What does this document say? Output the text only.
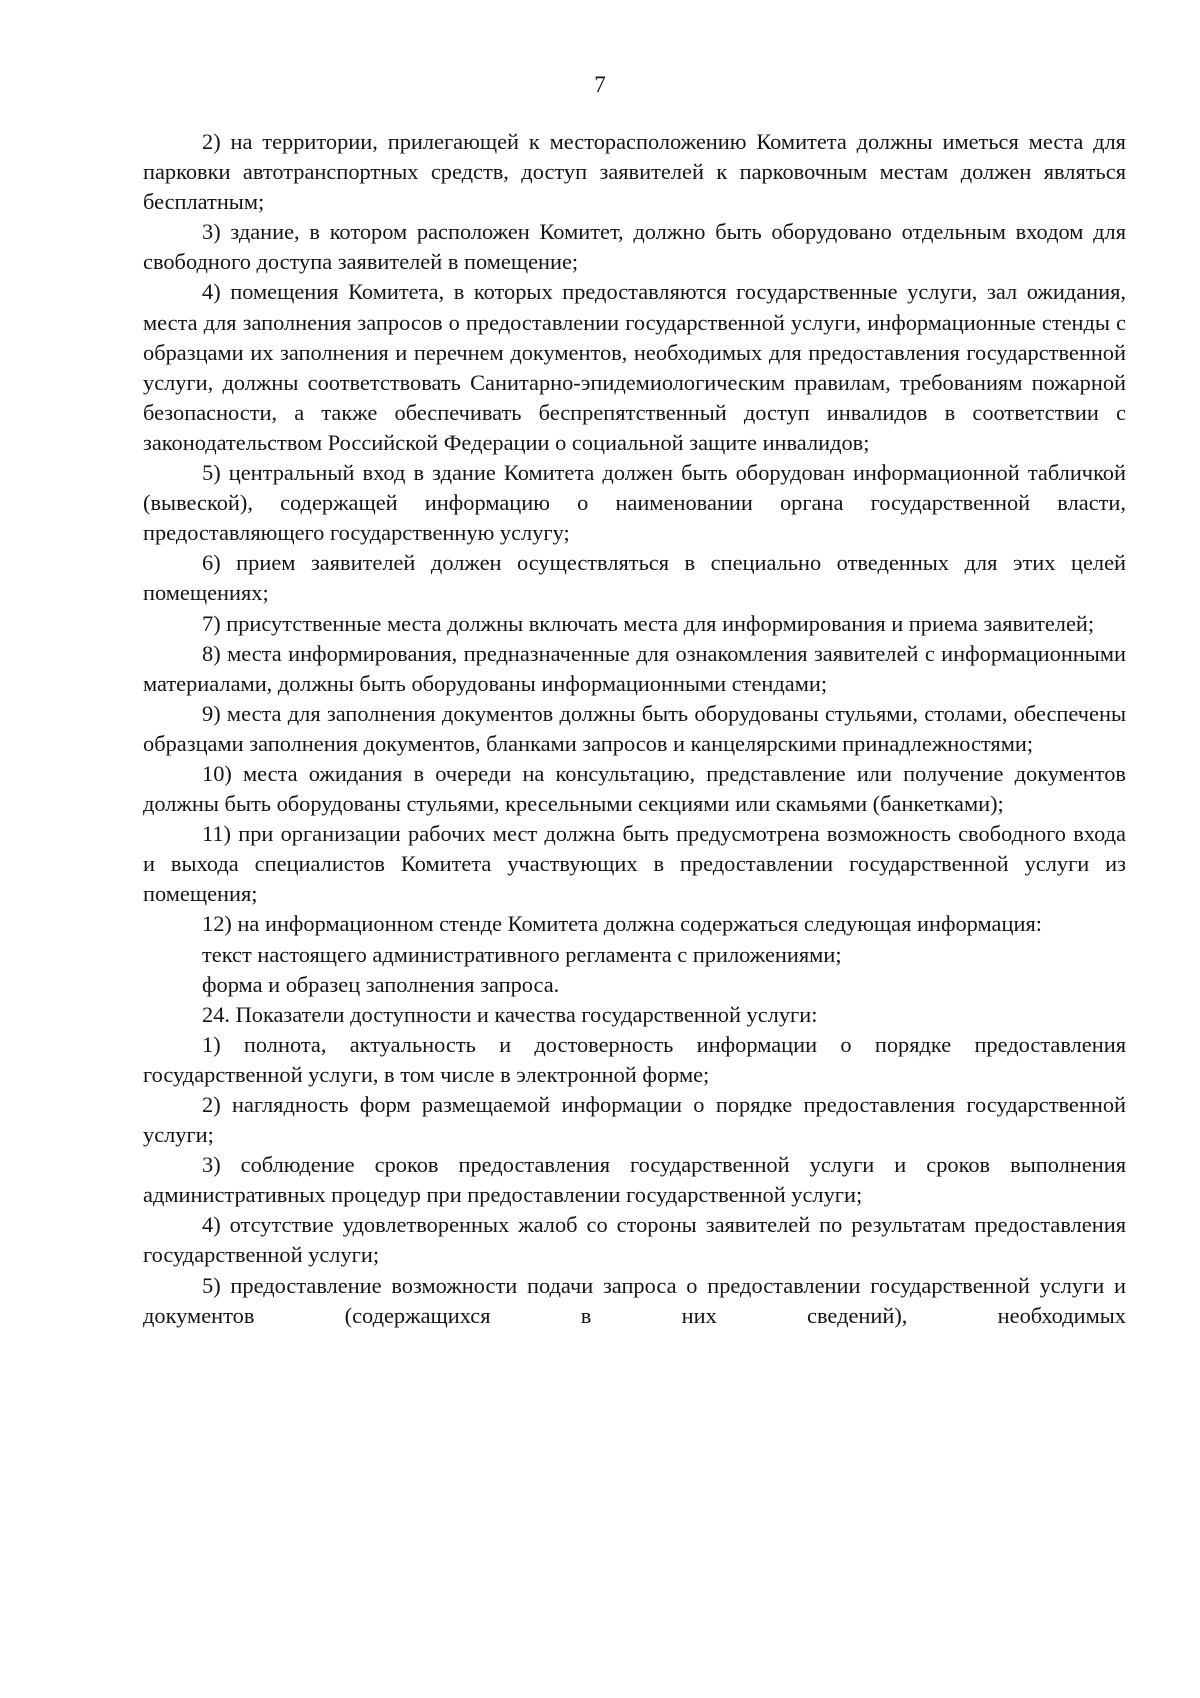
7

2) на территории, прилегающей к месторасположению Комитета должны иметься места для парковки автотранспортных средств, доступ заявителей к парковочным местам должен являться бесплатным;

3) здание, в котором расположен Комитет, должно быть оборудовано отдельным входом для свободного доступа заявителей в помещение;

4) помещения Комитета, в которых предоставляются государственные услуги, зал ожидания, места для заполнения запросов о предоставлении государственной услуги, информационные стенды с образцами их заполнения и перечнем документов, необходимых для предоставления государственной услуги, должны соответствовать Санитарно-эпидемиологическим правилам, требованиям пожарной безопасности, а также обеспечивать беспрепятственный доступ инвалидов в соответствии с законодательством Российской Федерации о социальной защите инвалидов;

5) центральный вход в здание Комитета должен быть оборудован информационной табличкой (вывеской), содержащей информацию о наименовании органа государственной власти, предоставляющего государственную услугу;

6) прием заявителей должен осуществляться в специально отведенных для этих целей помещениях;

7) присутственные места должны включать места для информирования и приема заявителей;

8) места информирования, предназначенные для ознакомления заявителей с информационными материалами, должны быть оборудованы информационными стендами;

9) места для заполнения документов должны быть оборудованы стульями, столами, обеспечены образцами заполнения документов, бланками запросов и канцелярскими принадлежностями;

10) места ожидания в очереди на консультацию, представление или получение документов должны быть оборудованы стульями, кресельными секциями или скамьями (банкетками);

11) при организации рабочих мест должна быть предусмотрена возможность свободного входа и выхода специалистов Комитета участвующих в предоставлении государственной услуги из помещения;

12) на информационном стенде Комитета должна содержаться следующая информация:

текст настоящего административного регламента с приложениями;

форма и образец заполнения запроса.

24. Показатели доступности и качества государственной услуги:

1) полнота, актуальность и достоверность информации о порядке предоставления государственной услуги, в том числе в электронной форме;

2) наглядность форм размещаемой информации о порядке предоставления государственной услуги;

3) соблюдение сроков предоставления государственной услуги и сроков выполнения административных процедур при предоставлении государственной услуги;

4) отсутствие удовлетворенных жалоб со стороны заявителей по результатам предоставления государственной услуги;

5) предоставление возможности подачи запроса о предоставлении государственной услуги и документов (содержащихся в них сведений), необходимых
